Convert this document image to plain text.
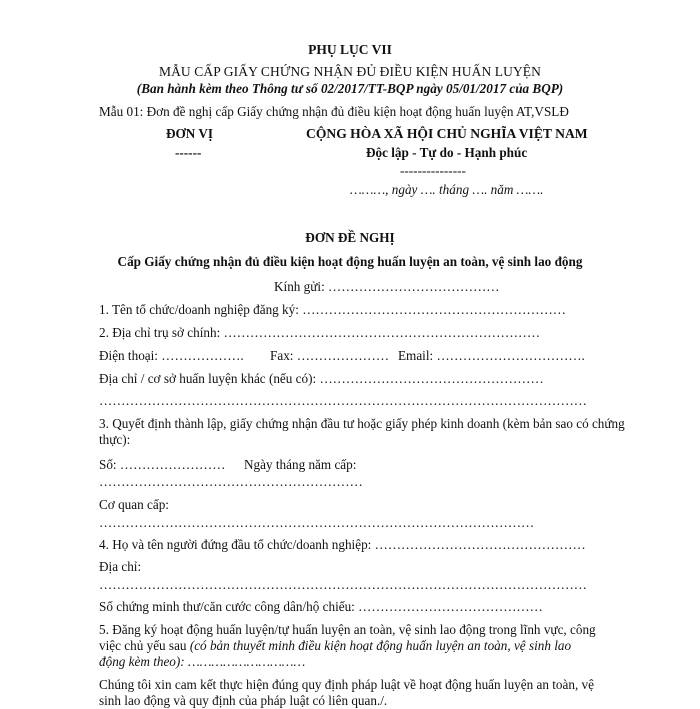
PHỤ LỤC VII
MẪU CẤP GIẤY CHỨNG NHẬN ĐỦ ĐIỀU KIỆN HUẤN LUYỆN
(Ban hành kèm theo Thông tư số 02/2017/TT-BQP ngày 05/01/2017 của BQP)
Mẫu 01: Đơn đề nghị cấp Giấy chứng nhận đủ điều kiện hoạt động huấn luyện AT,VSLĐ
ĐƠN VỊ
------
CỘNG HÒA XÃ HỘI CHỦ NGHĨA VIỆT NAM
Độc lập - Tự do - Hạnh phúc
---------------
………, ngày …. tháng …. năm …….
ĐƠN ĐỀ NGHỊ
Cấp Giấy chứng nhận đủ điều kiện hoạt động huấn luyện an toàn, vệ sinh lao động
Kính gửi: …………………………………
1. Tên tổ chức/doanh nghiệp đăng ký: ……………………………………………………
2. Địa chỉ trụ sở chính: ………………………………………………………………
Điện thoại: ………………. Fax: ………………… Email: …………………………….
Địa chỉ / cơ sở huấn luyện khác (nếu có): ……………………………………………
…………………………………………………………………………………………………
3. Quyết định thành lập, giấy chứng nhận đầu tư hoặc giấy phép kinh doanh (kèm bản sao có chứng thực):
Số: …………………… Ngày tháng năm cấp:
……………………………………………………
Cơ quan cấp:
………………………………………………………………………………………
4. Họ và tên người đứng đầu tổ chức/doanh nghiệp: …………………………………………
Địa chỉ:
…………………………………………………………………………………………………
Số chứng minh thư/căn cước công dân/hộ chiếu: ……………………………………
5. Đăng ký hoạt động huấn luyện/tự huấn luyện an toàn, vệ sinh lao động trong lĩnh vực, công
việc chủ yếu sau (có bản thuyết minh điều kiện hoạt động huấn luyện an toàn, vệ sinh lao
động kèm theo): …………………………
Chúng tôi xin cam kết thực hiện đúng quy định pháp luật về hoạt động huấn luyện an toàn, vệ
sinh lao động và quy định của pháp luật có liên quan./.
